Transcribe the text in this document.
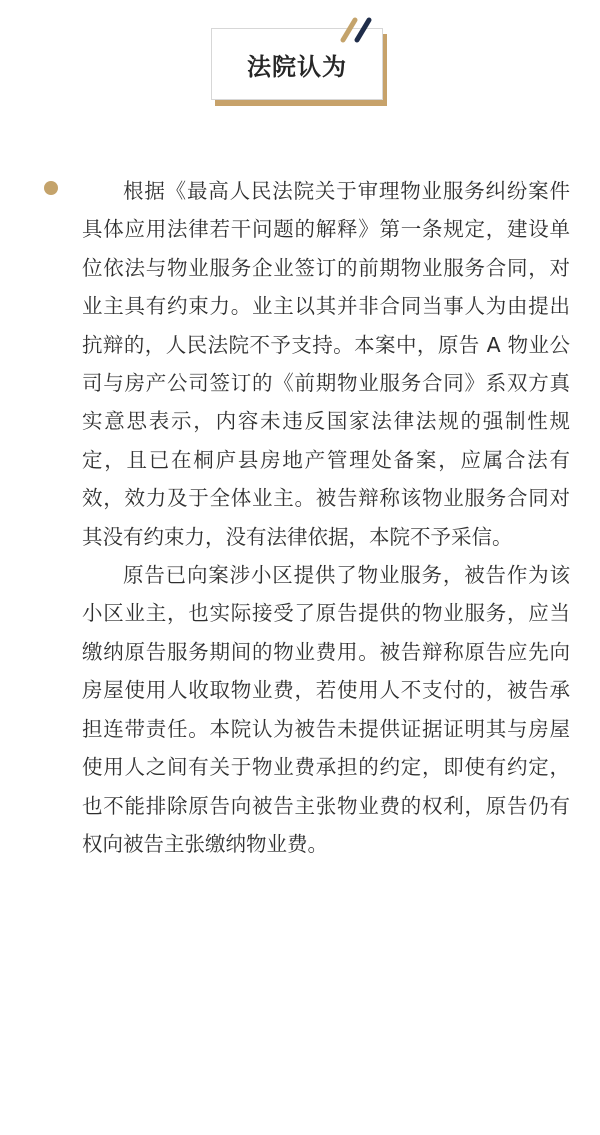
法院认为

根据《最高人民法院关于审理物业服务纠纷案件具体应用法律若干问题的解释》第一条规定，建设单位依法与物业服务企业签订的前期物业服务合同，对业主具有约束力。业主以其并非合同当事人为由提出抗辩的，人民法院不予支持。本案中，原告 A 物业公司与房产公司签订的《前期物业服务合同》系双方真实意思表示，内容未违反国家法律法规的强制性规定，且已在桐庐县房地产管理处备案，应属合法有效，效力及于全体业主。被告辩称该物业服务合同对其没有约束力，没有法律依据，本院不予采信。

原告已向案涉小区提供了物业服务，被告作为该小区业主，也实际接受了原告提供的物业服务，应当缴纳原告服务期间的物业费用。被告辩称原告应先向房屋使用人收取物业费，若使用人不支付的，被告承担连带责任。本院认为被告未提供证据证明其与房屋使用人之间有关于物业费承担的约定，即使有约定，也不能排除原告向被告主张物业费的权利，原告仍有权向被告主张缴纳物业费。
